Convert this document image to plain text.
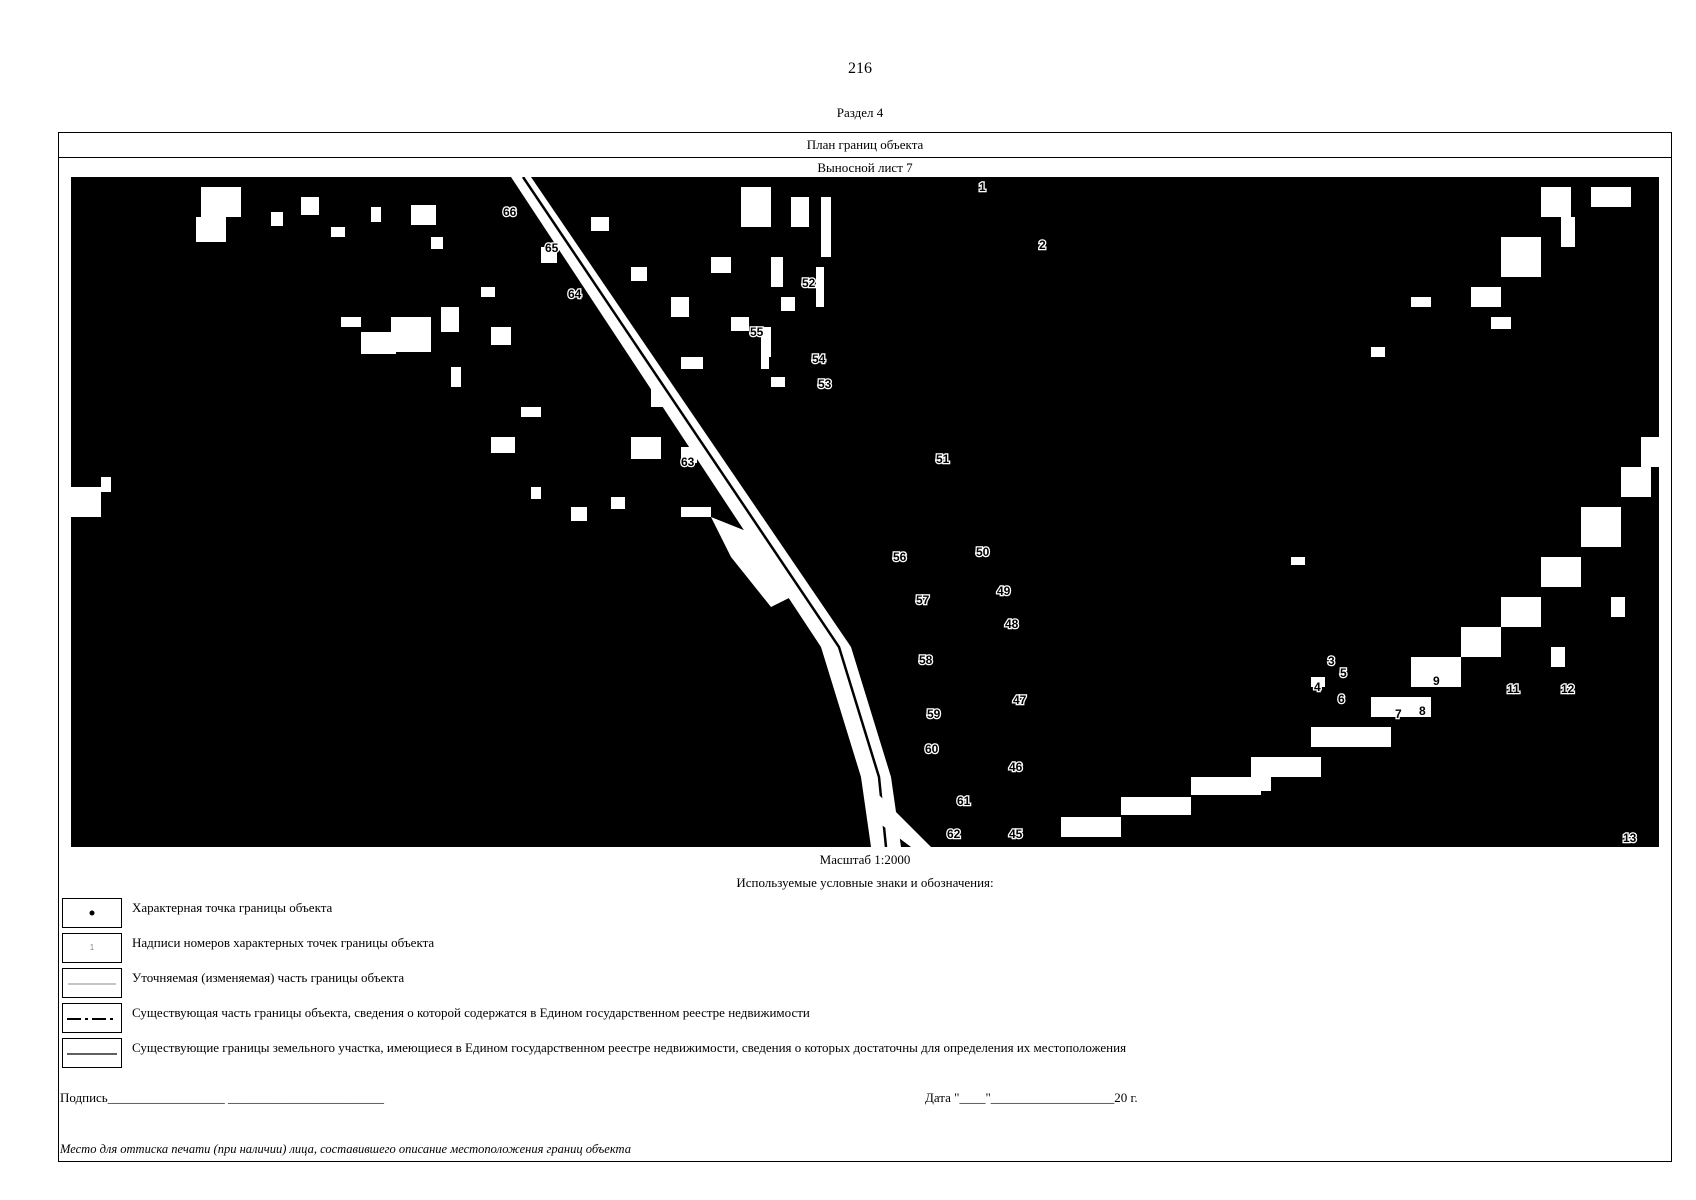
216
Раздел 4
План границ объекта
Выносной лист 7
1
2
3
4
5
6
7 8
9
11	12
13
45
46
47
48
49
50
51
52
53
54
55
56
57
58
59
60
61
62
63
64
65
66
Масштаб 1:2000
Используемые условные знаки и обозначения:
Характерная точка границы объекта
1	Надписи номеров характерных точек границы объекта
Уточняемая (изменяемая) часть границы объекта
Существующая часть границы объекта, сведения о которой содержатся в Едином государственном реестре недвижимости
Существующие границы земельного участка, имеющиеся в Едином государственном реестре недвижимости, сведения о которых достаточны для определения их местоположения
Подпись__________________ ________________________	Дата "____"___________________20 г.
Место для оттиска печати (при наличии) лица, составившего описание местоположения границ объекта
